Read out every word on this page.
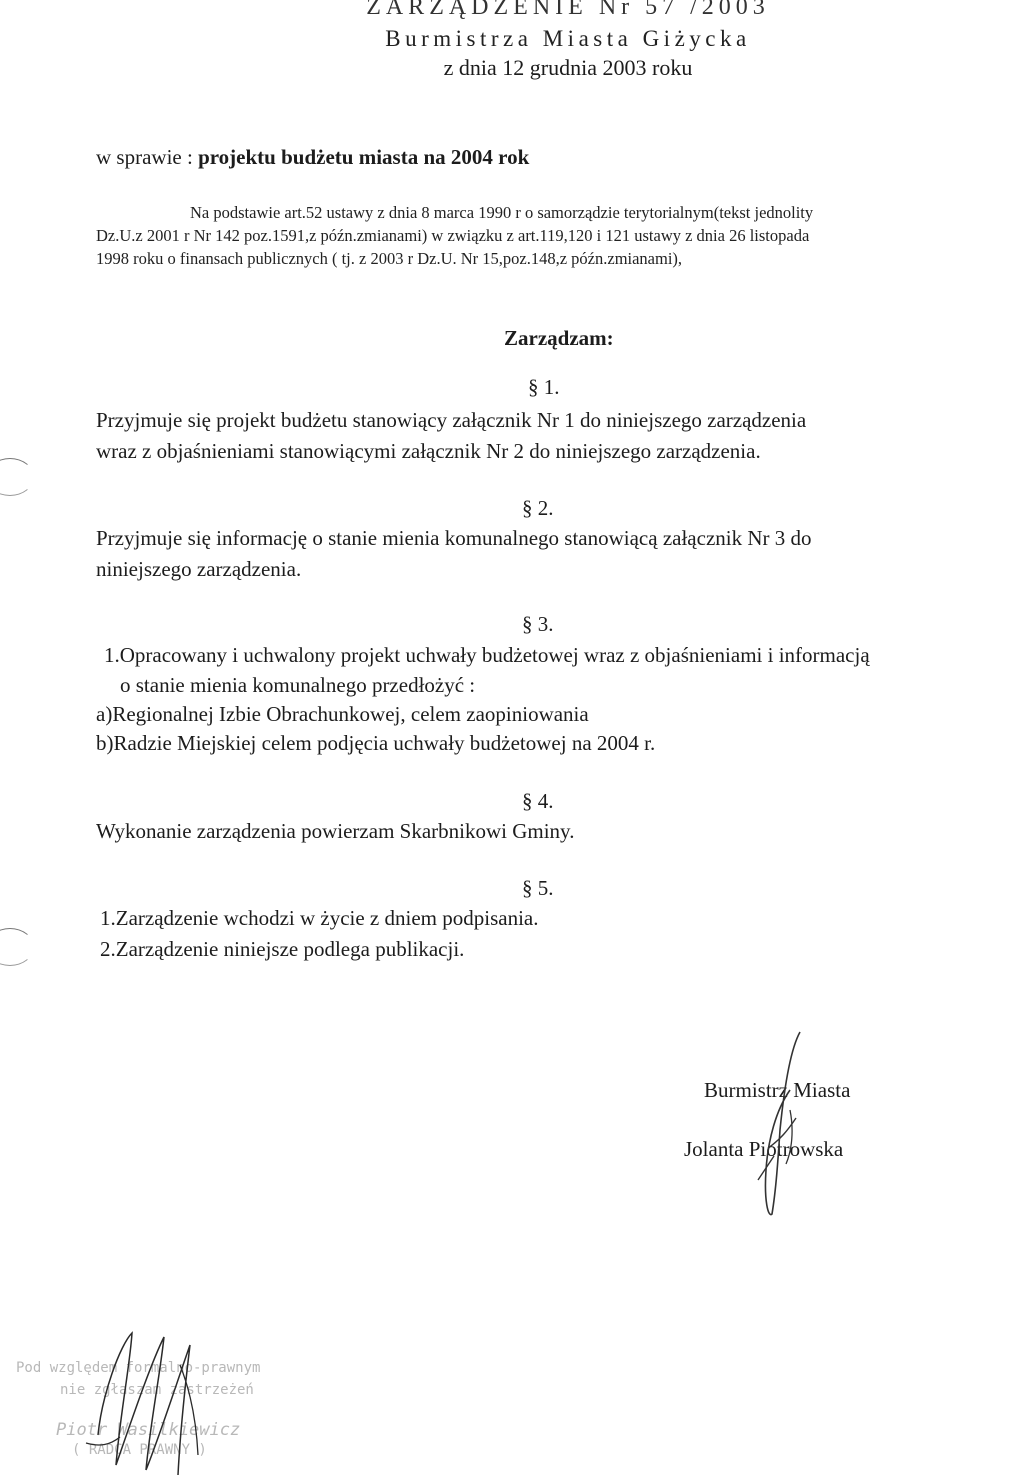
ZARZĄDZENIE Nr 57 /2003
Burmistrza Miasta Giżycka
z dnia 12 grudnia 2003 roku
w sprawie : projektu budżetu miasta na 2004 rok
Na podstawie art.52 ustawy z dnia 8 marca 1990 r o samorządzie terytorialnym(tekst jednolity
Dz.U.z 2001 r Nr 142 poz.1591,z późn.zmianami) w związku z art.119,120 i 121 ustawy z dnia 26 listopada
1998 roku o finansach publicznych ( tj. z 2003 r Dz.U. Nr 15,poz.148,z późn.zmianami),
Zarządzam:
§ 1.
Przyjmuje się projekt budżetu stanowiący załącznik Nr 1 do niniejszego zarządzenia
wraz z objaśnieniami stanowiącymi załącznik Nr 2 do niniejszego zarządzenia.
§ 2.
Przyjmuje się informację o stanie mienia komunalnego stanowiącą załącznik Nr 3 do
niniejszego zarządzenia.
§ 3.
1.Opracowany i uchwalony projekt uchwały budżetowej wraz z objaśnieniami i informacją
o stanie mienia komunalnego przedłożyć :
a)Regionalnej Izbie Obrachunkowej, celem zaopiniowania
b)Radzie Miejskiej celem podjęcia uchwały budżetowej na 2004 r.
§ 4.
Wykonanie zarządzenia powierzam Skarbnikowi Gminy.
§ 5.
1.Zarządzenie wchodzi w życie z dniem podpisania.
2.Zarządzenie niniejsze podlega publikacji.
Burmistrz Miasta
Jolanta Piotrowska
Pod względem formalno-prawnym
nie zgłaszam zastrzeżeń
Piotr Wasilkiewicz
( RADCA PRAWNY )
